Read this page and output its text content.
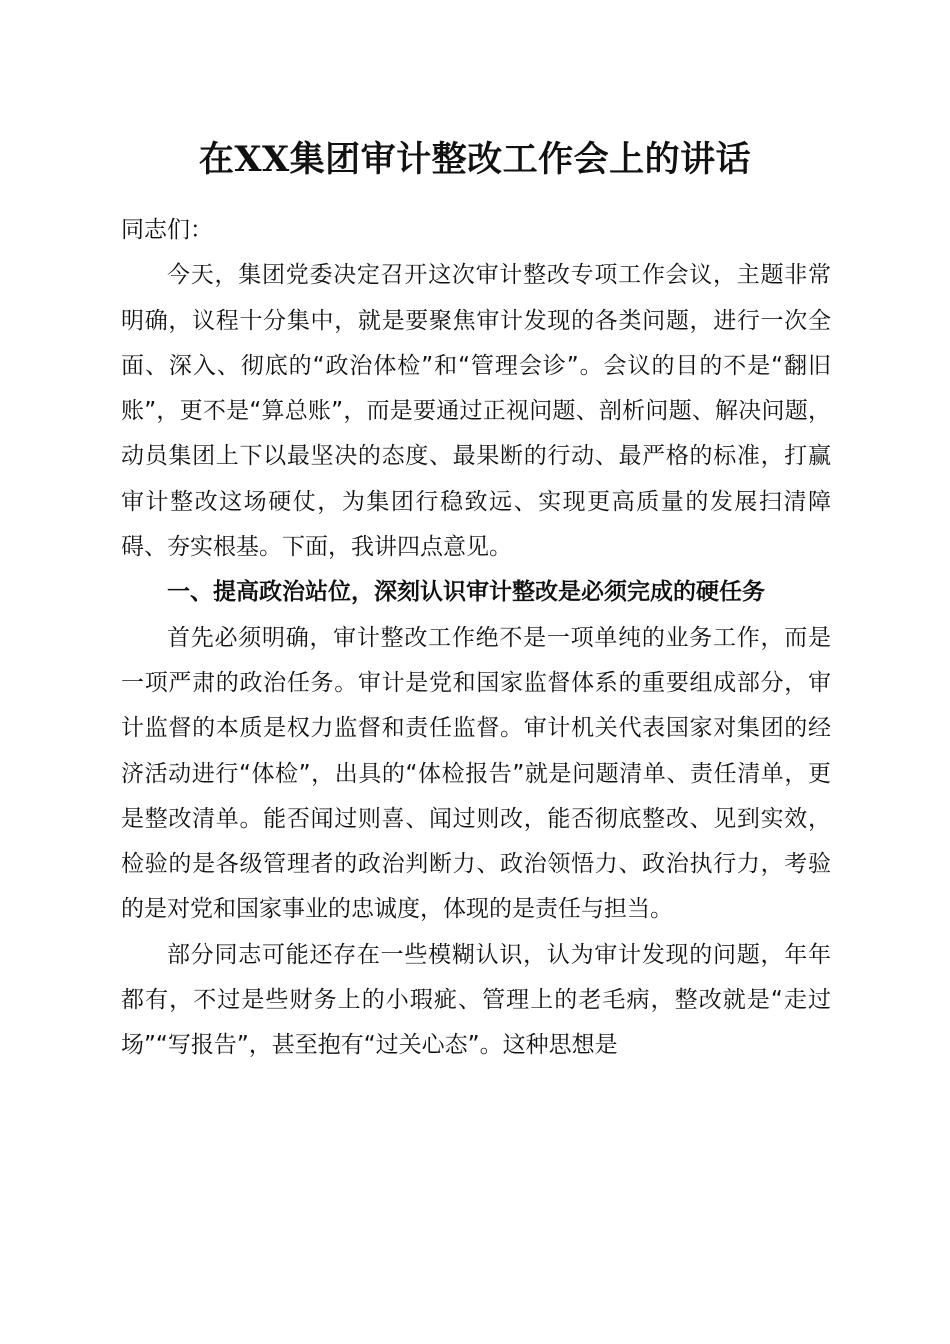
在XX集团审计整改工作会上的讲话

同志们：

今天，集团党委决定召开这次审计整改专项工作会议，主题非常明确，议程十分集中，就是要聚焦审计发现的各类问题，进行一次全面、深入、彻底的“政治体检”和“管理会诊”。会议的目的不是“翻旧账”，更不是“算总账”，而是要通过正视问题、剖析问题、解决问题，动员集团上下以最坚决的态度、最果断的行动、最严格的标准，打赢审计整改这场硬仗，为集团行稳致远、实现更高质量的发展扫清障碍、夯实根基。下面，我讲四点意见。

一、提高政治站位，深刻认识审计整改是必须完成的硬任务

首先必须明确，审计整改工作绝不是一项单纯的业务工作，而是一项严肃的政治任务。审计是党和国家监督体系的重要组成部分，审计监督的本质是权力监督和责任监督。审计机关代表国家对集团的经济活动进行“体检”，出具的“体检报告”就是问题清单、责任清单，更是整改清单。能否闻过则喜、闻过则改，能否彻底整改、见到实效，检验的是各级管理者的政治判断力、政治领悟力、政治执行力，考验的是对党和国家事业的忠诚度，体现的是责任与担当。

部分同志可能还存在一些模糊认识，认为审计发现的问题，年年都有，不过是些财务上的小瑕疵、管理上的老毛病，整改就是“走过场”“写报告”，甚至抱有“过关心态”。这种思想是
